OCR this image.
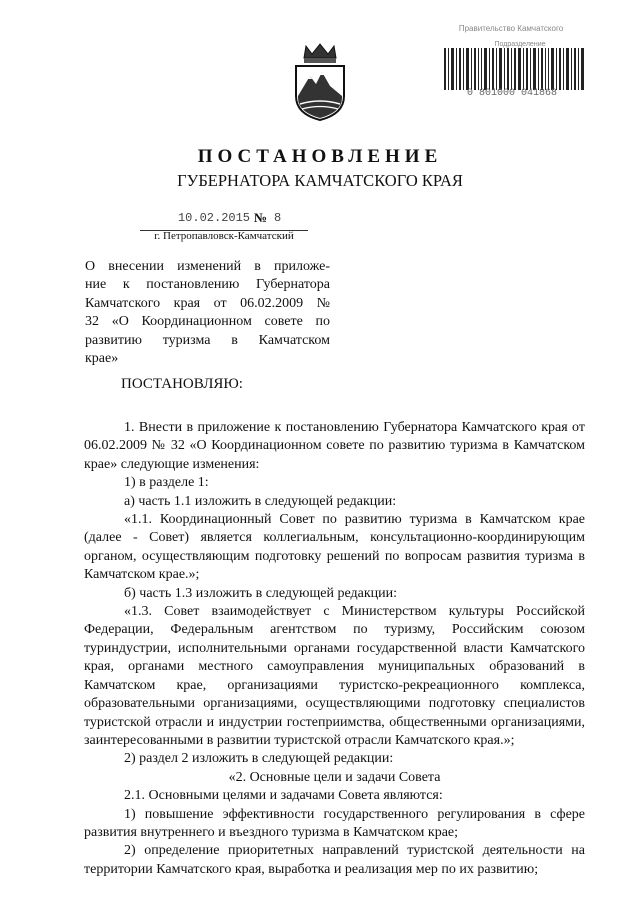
Правительство Камчатского
Подразделение
0 801000 041868
ПОСТАНОВЛЕНИЕ
ГУБЕРНАТОРА КАМЧАТСКОГО КРАЯ
10.02.2015 № 8
г. Петропавловск-Камчатский
О внесении изменений в приложе-
ние к постановлению Губернатора
Камчатского края от 06.02.2009 №
32 «О Координационном совете по
развитию туризма в Камчатском
крае»
ПОСТАНОВЛЯЮ:

1. Внести в приложение к постановлению Губернатора Камчатского края от 06.02.2009 № 32 «О Координационном совете по развитию туризма в Камчатском крае» следующие изменения:

1) в разделе 1:

а) часть 1.1 изложить в следующей редакции:

«1.1. Координационный Совет по развитию туризма в Камчатском крае (далее - Совет) является коллегиальным, консультационно-координирующим органом, осуществляющим подготовку решений по вопросам развития туризма в Камчатском крае.»;

б) часть 1.3 изложить в следующей редакции:

«1.3. Совет взаимодействует с Министерством культуры Российской Федерации, Федеральным агентством по туризму, Российским союзом туриндустрии, исполнительными органами государственной власти Камчатского края, органами местного самоуправления муниципальных образований в Камчатском крае, организациями туристско-рекреационного комплекса, образовательными организациями, осуществляющими подготовку специалистов туристской отрасли и индустрии гостеприимства, общественными организациями, заинтересованными в развитии туристской отрасли Камчатского края.»;

2) раздел 2 изложить в следующей редакции:

«2. Основные цели и задачи Совета

2.1. Основными целями и задачами Совета являются:

1) повышение эффективности государственного регулирования в сфере развития внутреннего и въездного туризма в Камчатском крае;

2) определение приоритетных направлений туристской деятельности на территории Камчатского края, выработка и реализация мер по их развитию;
